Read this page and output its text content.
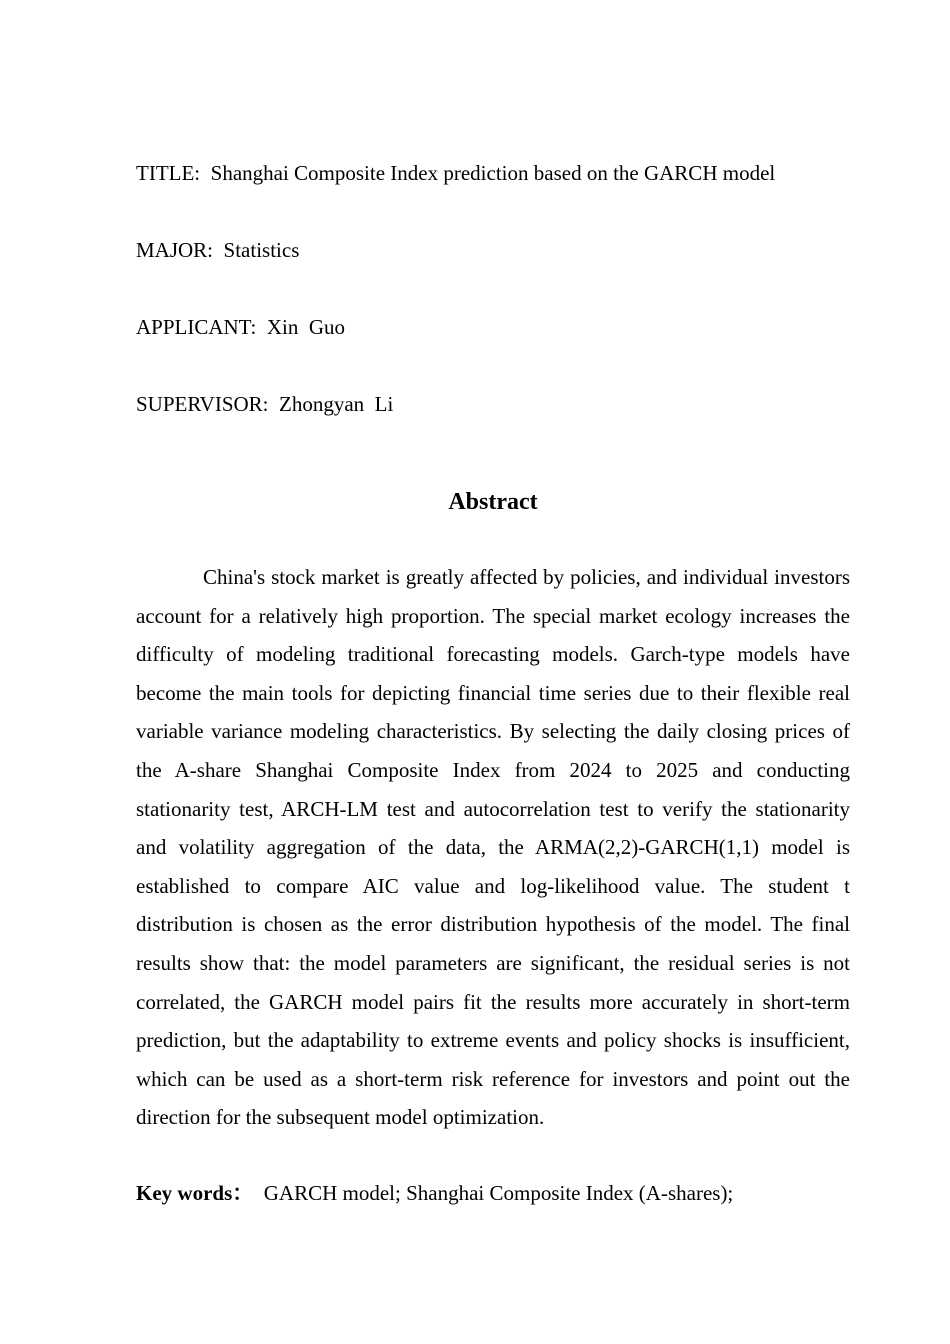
TITLE: Shanghai Composite Index prediction based on the GARCH model
MAJOR: Statistics
APPLICANT: Xin  Guo
SUPERVISOR: Zhongyan  Li
Abstract

China's stock market is greatly affected by policies, and individual investors account for a relatively high proportion. The special market ecology increases the difficulty of modeling traditional forecasting models. Garch-type models have become the main tools for depicting financial time series due to their flexible real variable variance modeling characteristics. By selecting the daily closing prices of the A-share Shanghai Composite Index from 2024 to 2025 and conducting stationarity test, ARCH-LM test and autocorrelation test to verify the stationarity and volatility aggregation of the data, the ARMA(2,2)-GARCH(1,1) model is established to compare AIC value and log-likelihood value. The student t distribution is chosen as the error distribution hypothesis of the model. The final results show that: the model parameters are significant, the residual series is not correlated, the GARCH model pairs fit the results more accurately in short-term prediction, but the adaptability to extreme events and policy shocks is insufficient, which can be used as a short-term risk reference for investors and point out the direction for the subsequent model optimization.

Key words： GARCH model; Shanghai Composite Index (A-shares);
